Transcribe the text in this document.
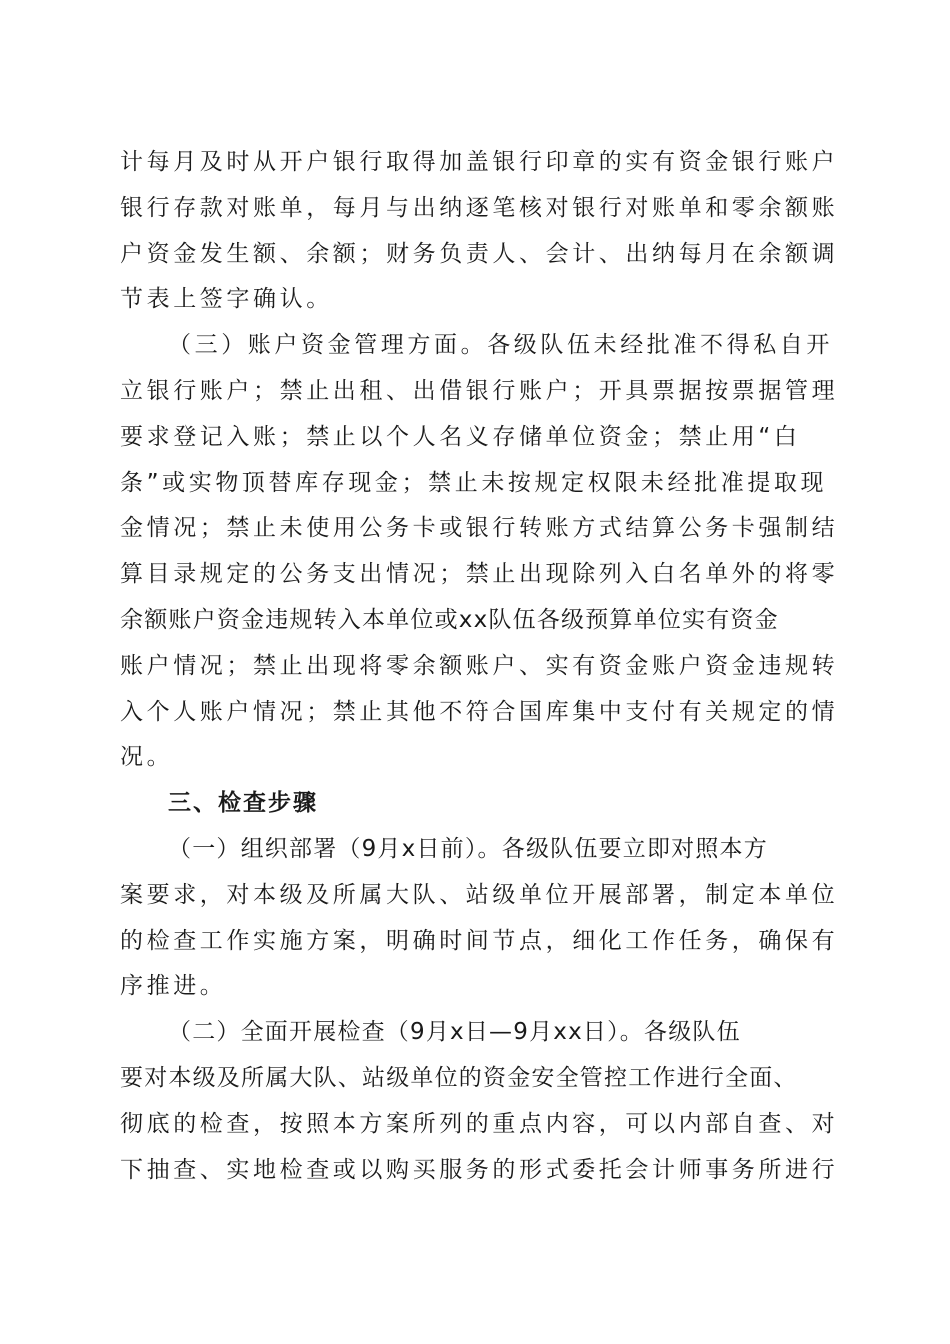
计每月及时从开户银行取得加盖银行印章的实有资金银行账户
银行存款对账单，每月与出纳逐笔核对银行对账单和零余额账
户资金发生额、余额；财务负责人、会计、出纳每月在余额调
节表上签字确认。
（三）账户资金管理方面。各级队伍未经批准不得私自开
立银行账户；禁止出租、出借银行账户；开具票据按票据管理
要求登记入账；禁止以个人名义存储单位资金；禁止用“白
条”或实物顶替库存现金；禁止未按规定权限未经批准提取现
金情况；禁止未使用公务卡或银行转账方式结算公务卡强制结
算目录规定的公务支出情况；禁止出现除列入白名单外的将零
余额账户资金违规转入本单位或xx队伍各级预算单位实有资金
账户情况；禁止出现将零余额账户、实有资金账户资金违规转
入个人账户情况；禁止其他不符合国库集中支付有关规定的情
况。
三、检查步骤
（一）组织部署（9月x日前）。各级队伍要立即对照本方
案要求，对本级及所属大队、站级单位开展部署，制定本单位
的检查工作实施方案，明确时间节点，细化工作任务，确保有
序推进。
（二）全面开展检查（9月x日—9月xx日）。各级队伍
要对本级及所属大队、站级单位的资金安全管控工作进行全面、
彻底的检查，按照本方案所列的重点内容，可以内部自查、对
下抽查、实地检查或以购买服务的形式委托会计师事务所进行
